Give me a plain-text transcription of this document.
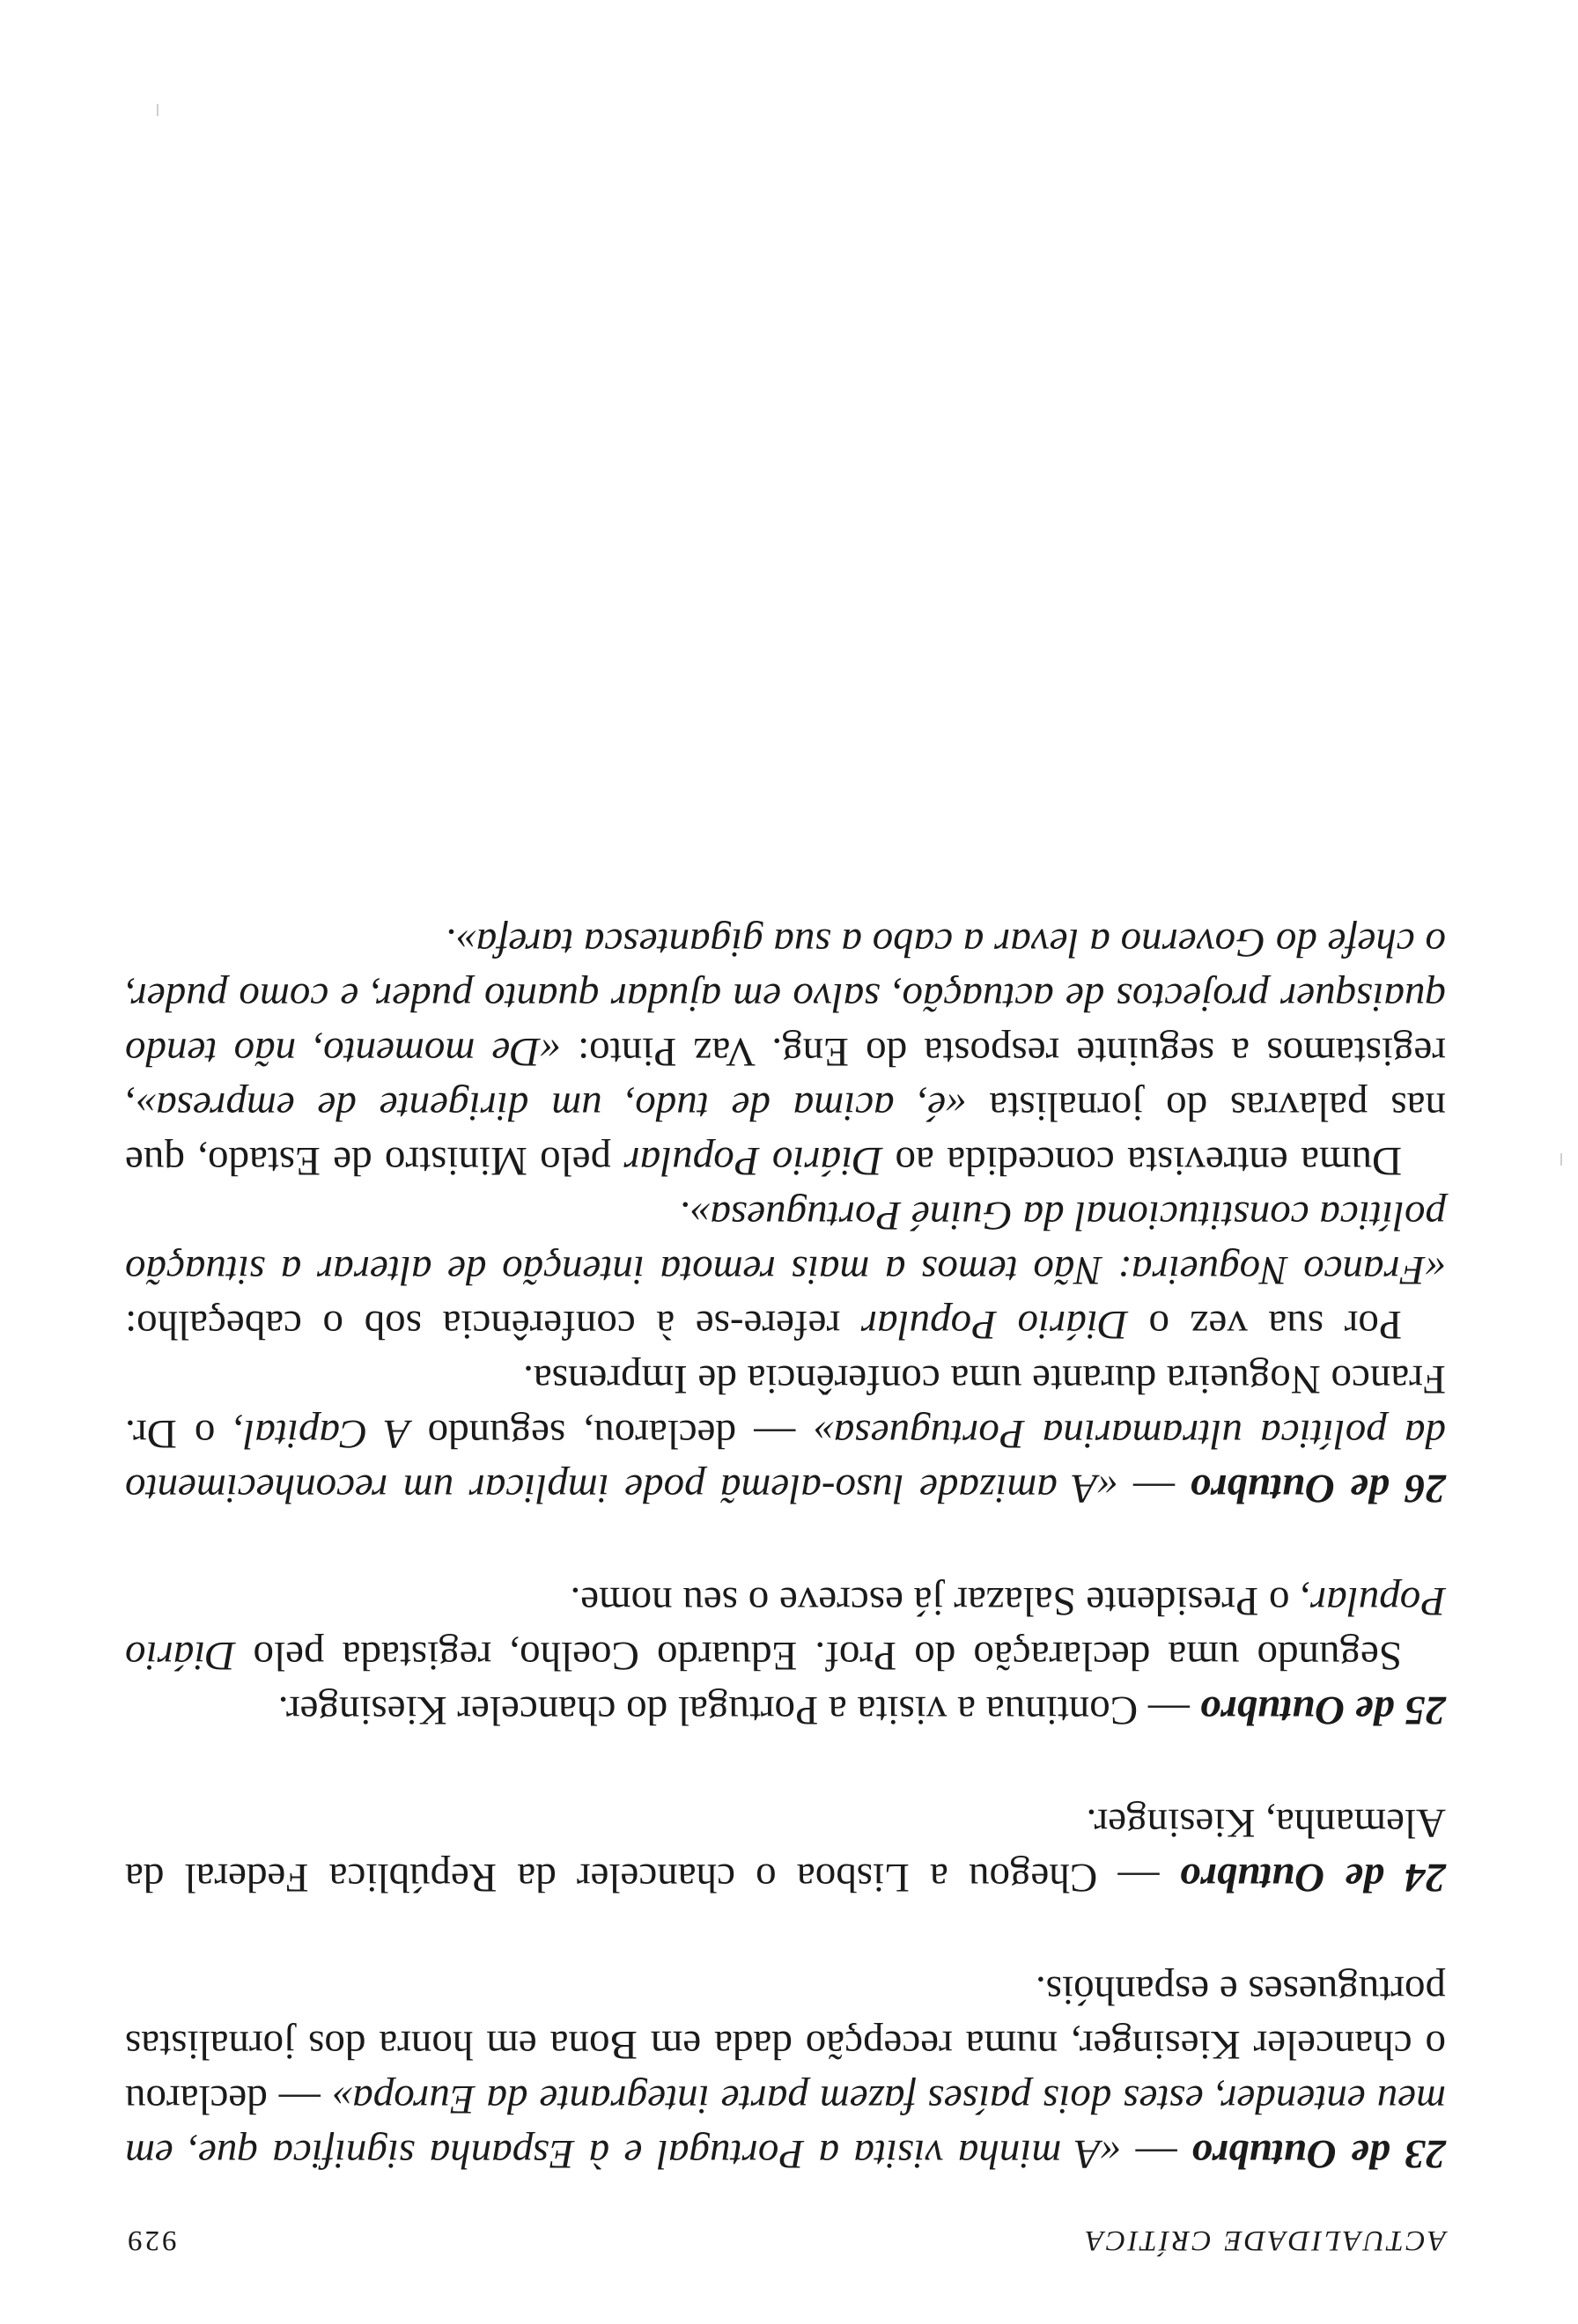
ACTUALIDADE CRÍTICA
929

23 de Outubro — «A minha visita a Portugal e à Espanha significa que, em meu entender, estes dois países fazem parte integrante da Europa» — declarou o chanceler Kiesinger, numa recepção dada em Bona em honra dos jornalistas portugueses e espanhóis.

24 de Outubro — Chegou a Lisboa o chanceler da República Federal da Alemanha, Kiesinger.

25 de Outubro — Continua a visita a Portugal do chanceler Kiesinger.

Segundo uma declaração do Prof. Eduardo Coelho, registada pelo Diário Popular, o Presidente Salazar já escreve o seu nome.

26 de Outubro — «A amizade luso-alemã pode implicar um reconhecimento da política ultramarina Portuguesa» — declarou, segundo A Capital, o Dr. Franco Nogueira durante uma conferência de Imprensa.

Por sua vez o Diário Popular refere-se à conferência sob o cabeçalho: «Franco Nogueira: Não temos a mais remota intenção de alterar a situação política constitucional da Guiné Portuguesa».

Duma entrevista concedida ao Diário Popular pelo Ministro de Estado, que nas palavras do jornalista «é, acima de tudo, um dirigente de empresa», registamos a seguinte resposta do Eng. Vaz Pinto: «De momento, não tendo quaisquer projectos de actuação, salvo em ajudar quanto puder, e como puder, o chefe do Governo a levar a cabo a sua gigantesca tarefa».
